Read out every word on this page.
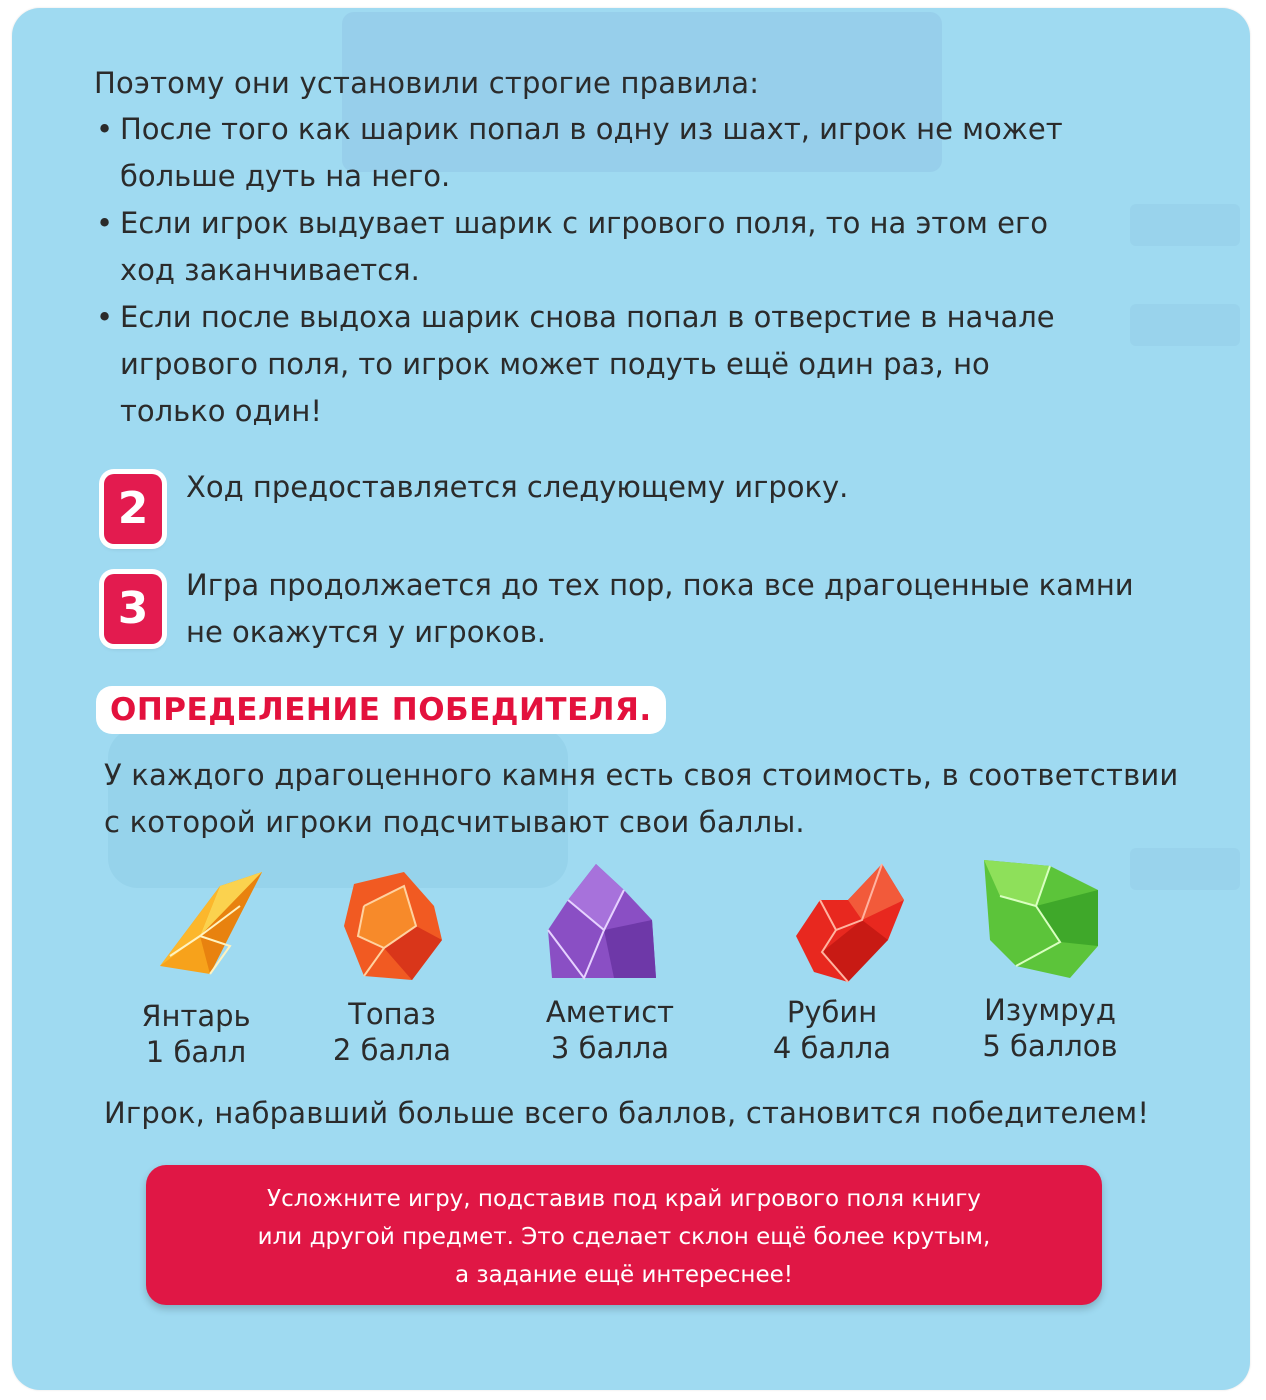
Поэтому они установили строгие правила:
• После того как шарик попал в одну из шахт, игрок не может больше дуть на него.
• Если игрок выдувает шарик с игрового поля, то на этом его ход заканчивается.
• Если после выдоха шарик снова попал в отверстие в начале игрового поля, то игрок может подуть ещё один раз, но только один!
2	Ход предоставляется следующему игроку.
3	Игра продолжается до тех пор, пока все драгоценные камни не окажутся у игроков.
ОПРЕДЕЛЕНИЕ ПОБЕДИТЕЛЯ.
У каждого драгоценного камня есть своя стоимость, в соответствии с которой игроки подсчитывают свои баллы.
Янтарь
1 балл
Топаз
2 балла
Аметист
3 балла
Рубин
4 балла
Изумруд
5 баллов
Игрок, набравший больше всего баллов, становится победителем!
Усложните игру, подставив под край игрового поля книгу
или другой предмет. Это сделает склон ещё более крутым,
а задание ещё интереснее!
